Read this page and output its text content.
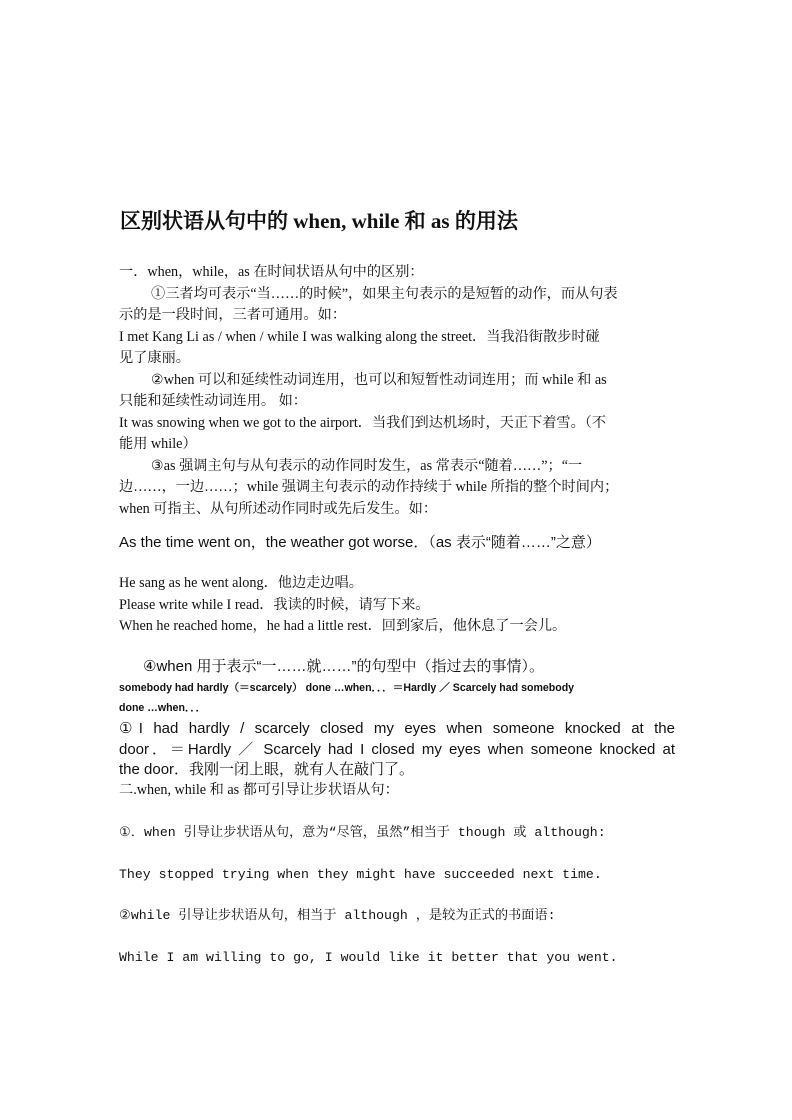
区别状语从句中的 when, while 和 as 的用法
一．when，while，as 在时间状语从句中的区别：
①三者均可表示“当……的时候”，如果主句表示的是短暂的动作，而从句表
示的是一段时间，三者可通用。如：
I met Kang Li as / when / while I was walking along the street．当我沿街散步时碰
见了康丽。
②when 可以和延续性动词连用，也可以和短暂性动词连用；而 while 和 as
只能和延续性动词连用。 如：
It was snowing when we got to the airport．当我们到达机场时，天正下着雪。（不
能用 while）
③as 强调主句与从句表示的动作同时发生，as 常表示“随着……”；“一
边……，一边……；while 强调主句表示的动作持续于 while 所指的整个时间内；
when 可指主、从句所述动作同时或先后发生。如：
As the time went on，the weather got worse．（as 表示“随着……”之意）
He sang as he went along．他边走边唱。
Please write while I read．我读的时候，请写下来。
When he reached home，he had a little rest．回到家后，他休息了一会儿。
④when 用于表示“一……就……”的句型中（指过去的事情）。
somebody had hardly（＝scarcely） done …when．．．＝Hardly ／ Scarcely had somebody
done …when．．．
①I had hardly / scarcely closed my eyes when someone knocked at the
door．＝Hardly ／ Scarcely had I closed my eyes when someone knocked at
the door．我刚一闭上眼，就有人在敲门了。
二.when, while 和 as 都可引导让步状语从句：
①．when 引导让步状语从句，意为“尽管，虽然”相当于 though 或 although:
They stopped trying when they might have succeeded next time.
②while 引导让步状语从句，相当于 although ，是较为正式的书面语:
While I am willing to go, I would like it better that you went.
